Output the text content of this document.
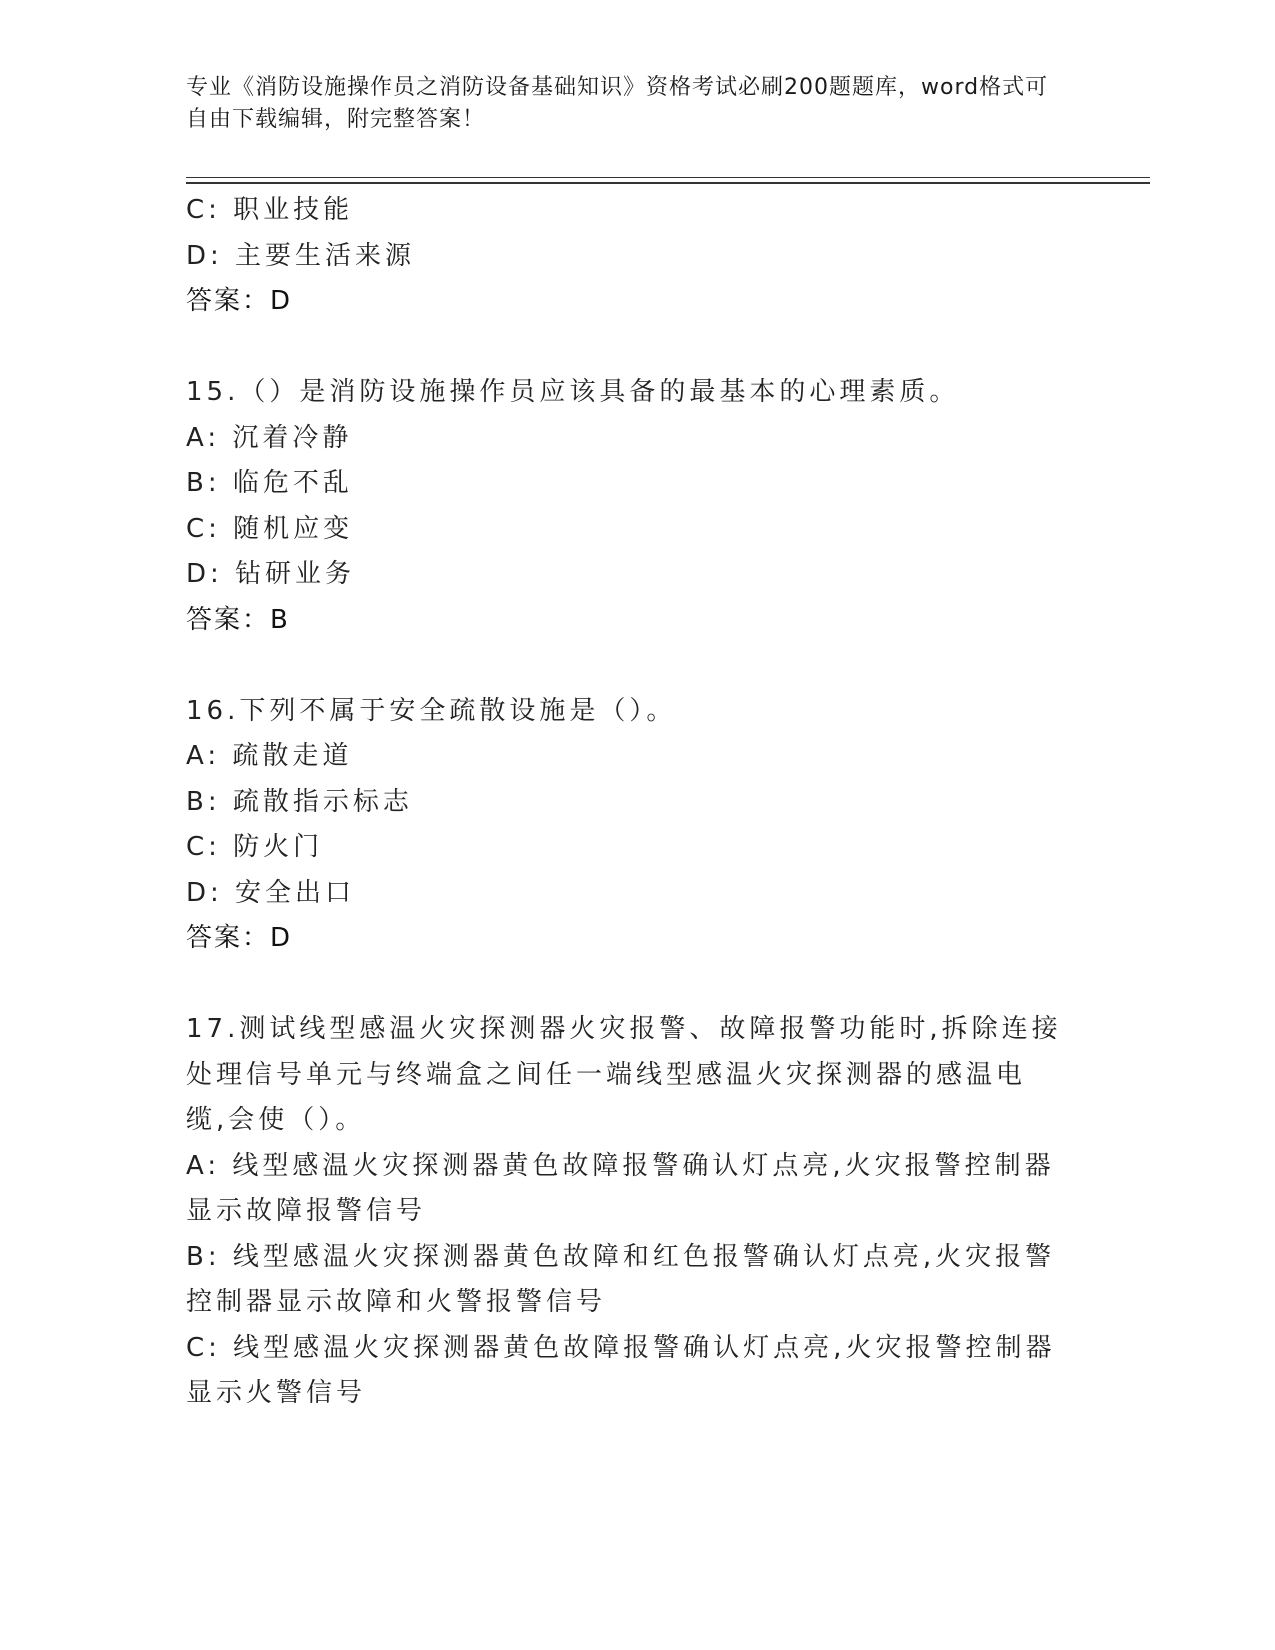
专业《消防设施操作员之消防设备基础知识》资格考试必刷200题题库，word格式可自由下载编辑，附完整答案！
C: 职业技能
D: 主要生活来源
答案：D
15.（）是消防设施操作员应该具备的最基本的心理素质。
A: 沉着冷静
B: 临危不乱
C: 随机应变
D: 钻研业务
答案：B
16.下列不属于安全疏散设施是（）。
A: 疏散走道
B: 疏散指示标志
C: 防火门
D: 安全出口
答案：D
17.测试线型感温火灾探测器火灾报警、故障报警功能时,拆除连接处理信号单元与终端盒之间任一端线型感温火灾探测器的感温电缆,会使（）。
A: 线型感温火灾探测器黄色故障报警确认灯点亮,火灾报警控制器显示故障报警信号
B: 线型感温火灾探测器黄色故障和红色报警确认灯点亮,火灾报警控制器显示故障和火警报警信号
C: 线型感温火灾探测器黄色故障报警确认灯点亮,火灾报警控制器显示火警信号
